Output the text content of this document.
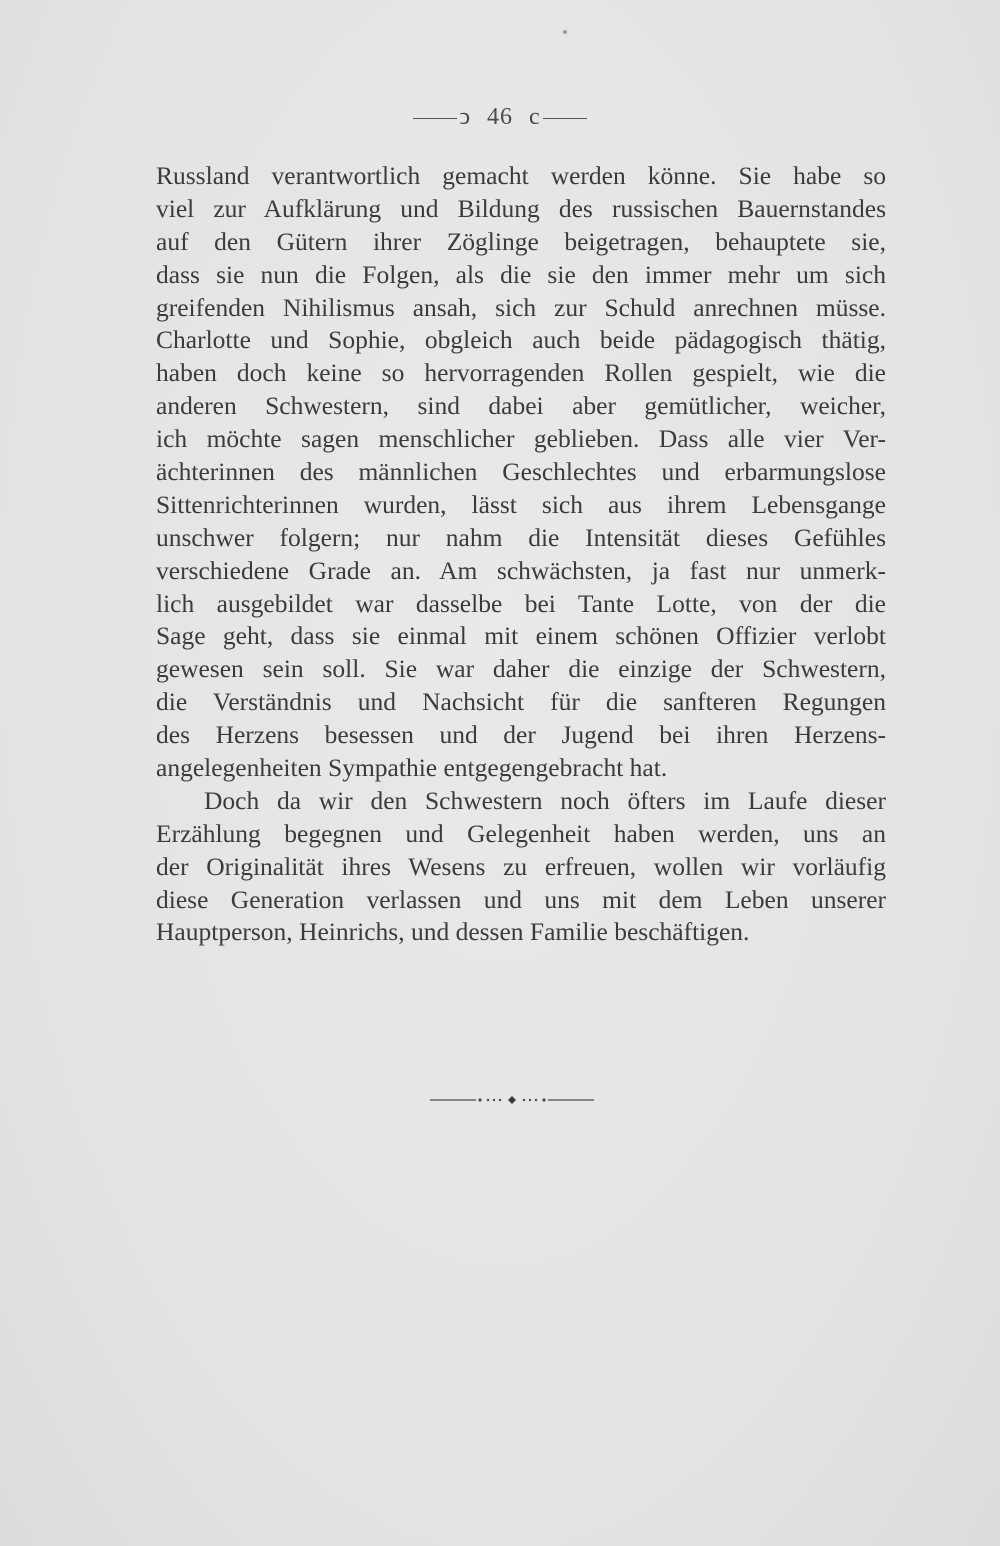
ↄ 46 c
Russland verantwortlich gemacht werden könne. Sie habe so
viel zur Aufklärung und Bildung des russischen Bauernstandes
auf den Gütern ihrer Zöglinge beigetragen, behauptete sie,
dass sie nun die Folgen, als die sie den immer mehr um sich
greifenden Nihilismus ansah, sich zur Schuld anrechnen müsse.
Charlotte und Sophie, obgleich auch beide pädagogisch thätig,
haben doch keine so hervorragenden Rollen gespielt, wie die
anderen Schwestern, sind dabei aber gemütlicher, weicher,
ich möchte sagen menschlicher geblieben. Dass alle vier Ver-
ächterinnen des männlichen Geschlechtes und erbarmungslose
Sittenrichterinnen wurden, lässt sich aus ihrem Lebensgange
unschwer folgern; nur nahm die Intensität dieses Gefühles
verschiedene Grade an. Am schwächsten, ja fast nur unmerk-
lich ausgebildet war dasselbe bei Tante Lotte, von der die
Sage geht, dass sie einmal mit einem schönen Offizier verlobt
gewesen sein soll. Sie war daher die einzige der Schwestern,
die Verständnis und Nachsicht für die sanfteren Regungen
des Herzens besessen und der Jugend bei ihren Herzens-
angelegenheiten Sympathie entgegengebracht hat.
Doch da wir den Schwestern noch öfters im Laufe dieser
Erzählung begegnen und Gelegenheit haben werden, uns an
der Originalität ihres Wesens zu erfreuen, wollen wir vorläufig
diese Generation verlassen und uns mit dem Leben unserer
Hauptperson, Heinrichs, und dessen Familie beschäftigen.
